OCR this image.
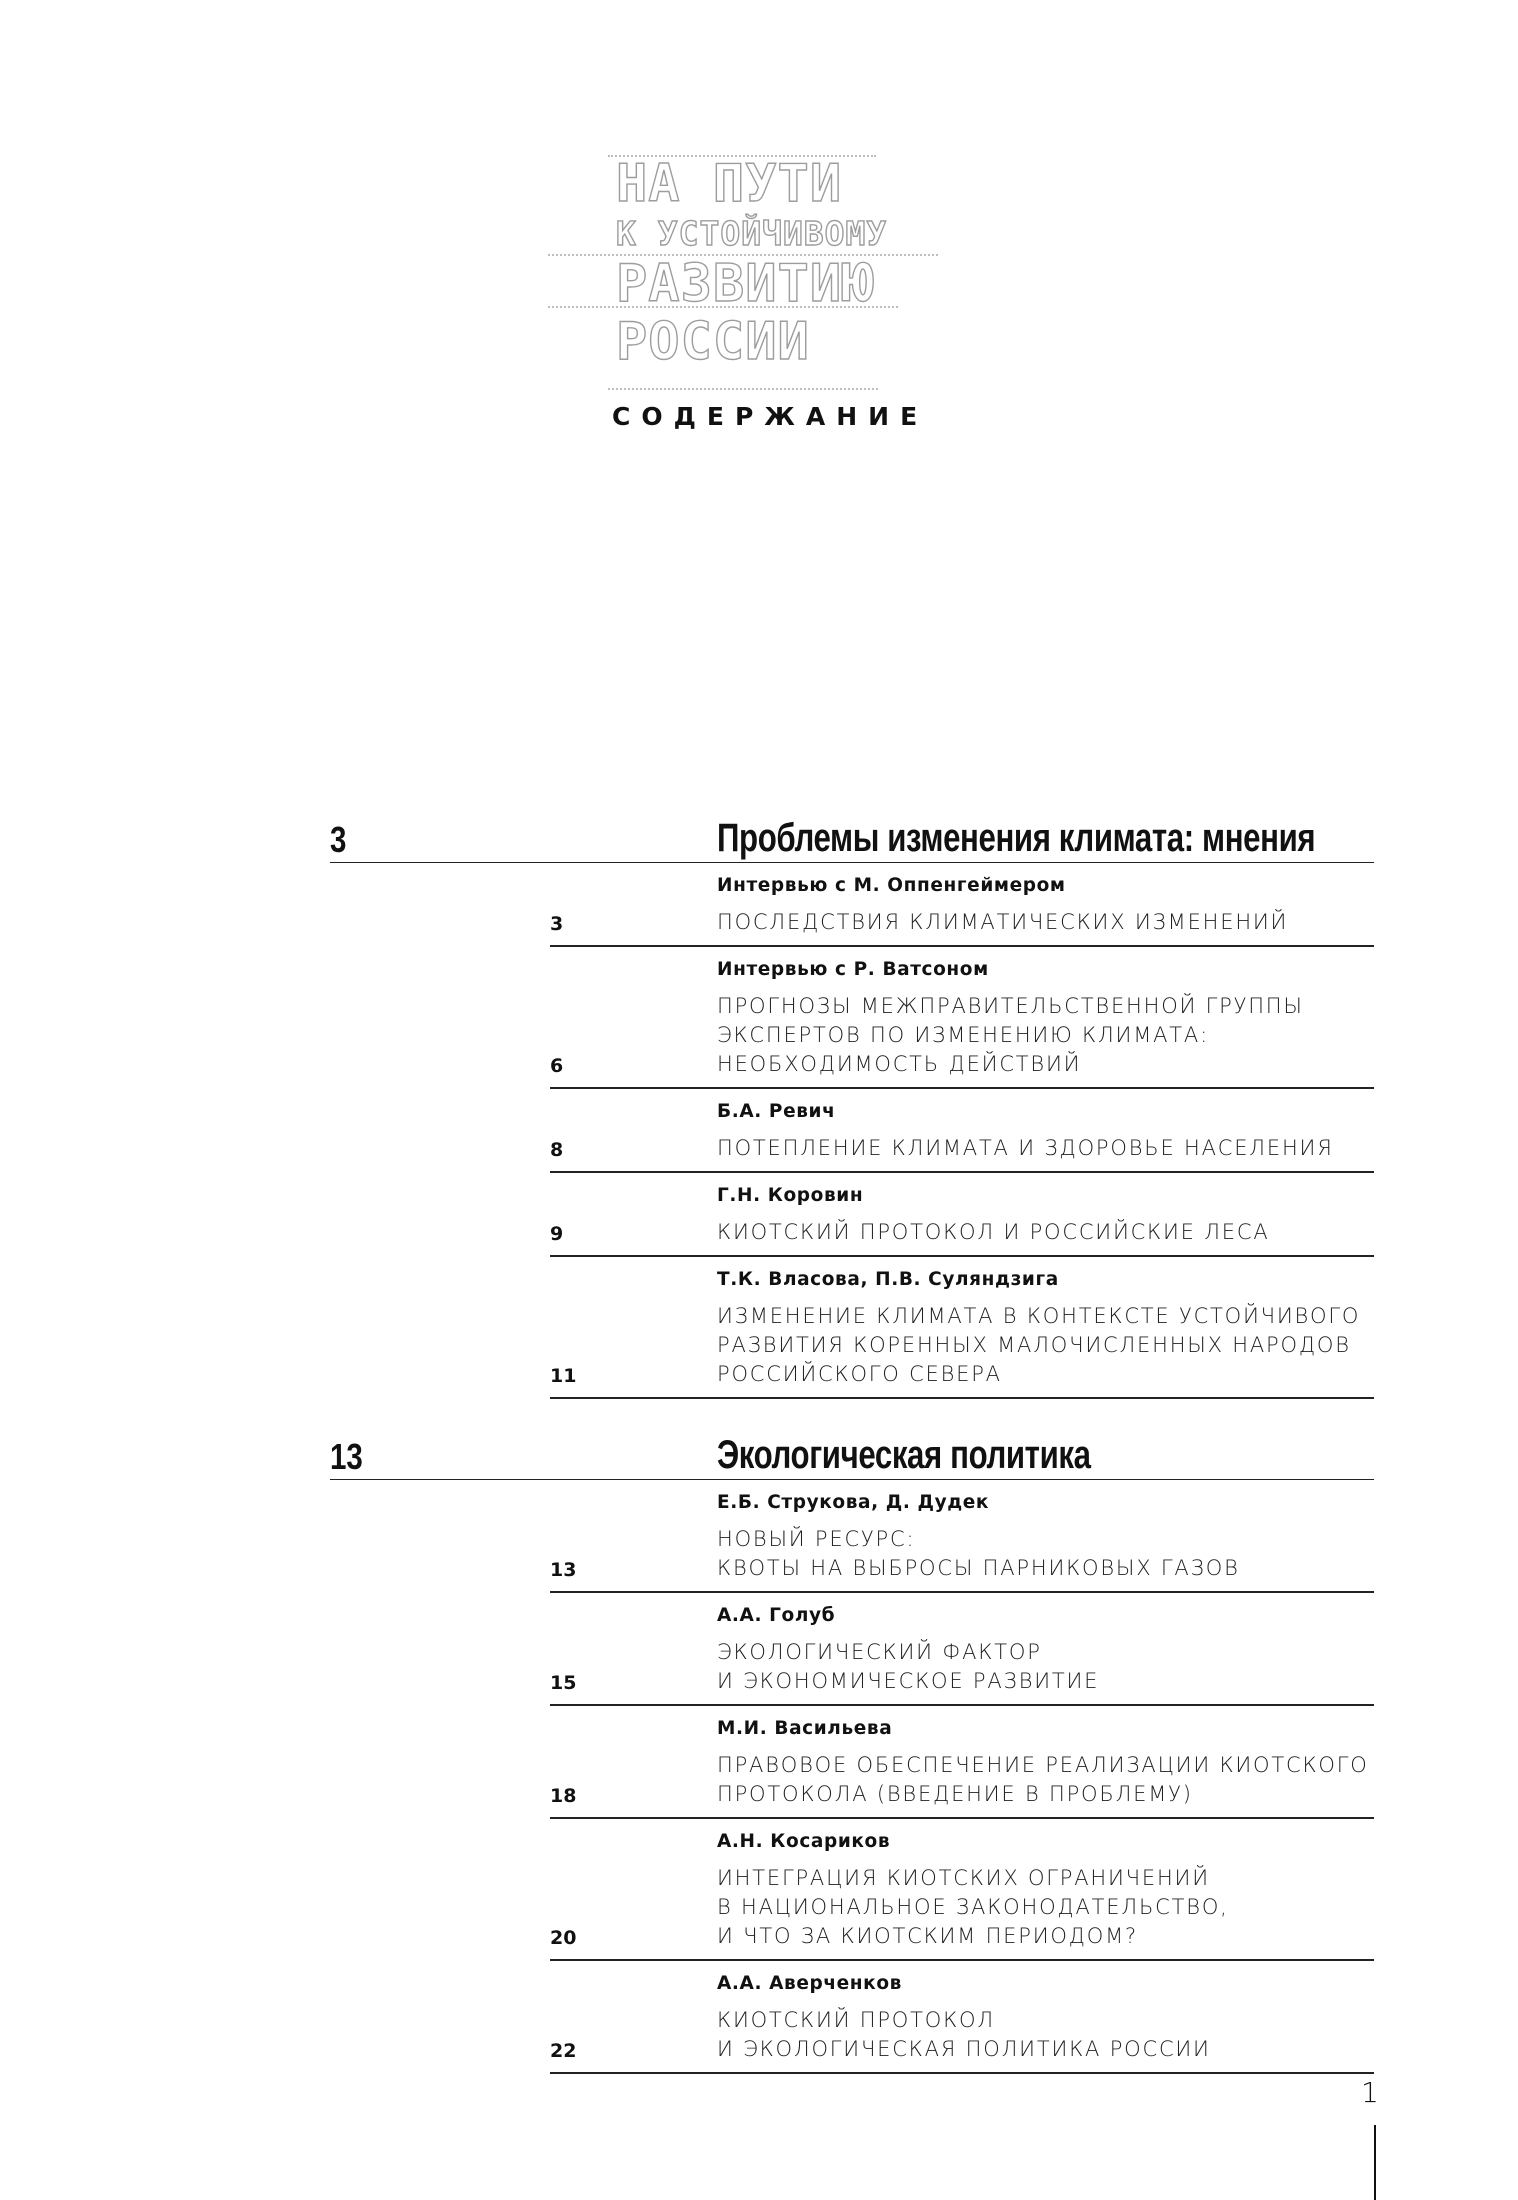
НА ПУТИ
К УСТОЙЧИВОМУ
РАЗВИТИЮ
РОССИИ
СОДЕРЖАНИЕ
3	Проблемы изменения климата: мнения
Интервью с М. Оппенгеймером
ПОСЛЕДСТВИЯ КЛИМАТИЧЕСКИХ ИЗМЕНЕНИЙ
3
Интервью с Р. Ватсоном
ПРОГНОЗЫ МЕЖПРАВИТЕЛЬСТВЕННОЙ ГРУППЫ
ЭКСПЕРТОВ ПО ИЗМЕНЕНИЮ КЛИМАТА:
НЕОБХОДИМОСТЬ ДЕЙСТВИЙ
6
Б.А. Ревич
ПОТЕПЛЕНИЕ КЛИМАТА И ЗДОРОВЬЕ НАСЕЛЕНИЯ
8
Г.Н. Коровин
КИОТСКИЙ ПРОТОКОЛ И РОССИЙСКИЕ ЛЕСА
9
Т.К. Власова, П.В. Суляндзига
ИЗМЕНЕНИЕ КЛИМАТА В КОНТЕКСТЕ УСТОЙЧИВОГО
РАЗВИТИЯ КОРЕННЫХ МАЛОЧИСЛЕННЫХ НАРОДОВ
РОССИЙСКОГО СЕВЕРА
11
13	Экологическая политика
Е.Б. Струкова, Д. Дудек
НОВЫЙ РЕСУРС:
КВОТЫ НА ВЫБРОСЫ ПАРНИКОВЫХ ГАЗОВ
13
А.А. Голуб
ЭКОЛОГИЧЕСКИЙ ФАКТОР
И ЭКОНОМИЧЕСКОЕ РАЗВИТИЕ
15
М.И. Васильева
ПРАВОВОЕ ОБЕСПЕЧЕНИЕ РЕАЛИЗАЦИИ КИОТСКОГО
ПРОТОКОЛА (ВВЕДЕНИЕ В ПРОБЛЕМУ)
18
А.Н. Косариков
ИНТЕГРАЦИЯ КИОТСКИХ ОГРАНИЧЕНИЙ
В НАЦИОНАЛЬНОЕ ЗАКОНОДАТЕЛЬСТВО,
И ЧТО ЗА КИОТСКИМ ПЕРИОДОМ?
20
А.А. Аверченков
КИОТСКИЙ ПРОТОКОЛ
И ЭКОЛОГИЧЕСКАЯ ПОЛИТИКА РОССИИ
22
1
